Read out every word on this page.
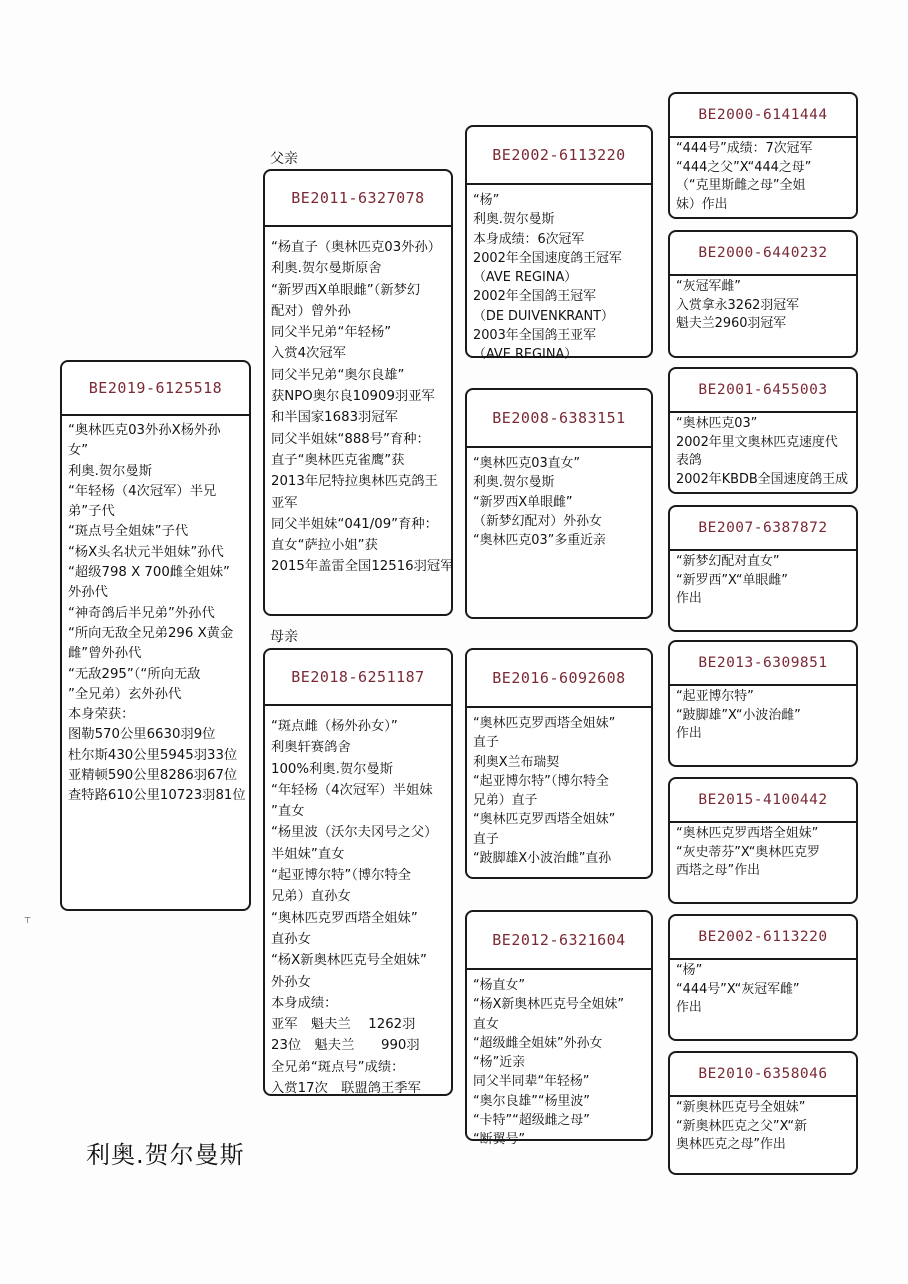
父亲
母亲
BE2019-6125518
“奥林匹克03外孙X杨外孙
女”
利奥.贺尔曼斯
“年轻杨（4次冠军）半兄
弟”子代
“斑点号全姐妹”子代
“杨X头名状元半姐妹”孙代
“超级798 X 700雌全姐妹”
外孙代
“神奇鸽后半兄弟”外孙代
“所向无敌全兄弟296 X黄金
雌”曾外孙代
“无敌295”（“所向无敌
”全兄弟）玄外孙代
本身荣获：
图勒570公里6630羽9位
杜尔斯430公里5945羽33位
亚精顿590公里8286羽67位
查特路610公里10723羽81位
BE2011-6327078
“杨直子（奥林匹克03外孙）
利奥.贺尔曼斯原舍
“新罗西X单眼雌”（新梦幻
配对）曾外孙
同父半兄弟“年轻杨”
入赏4次冠军
同父半兄弟“奥尔良雄”
获NPO奥尔良10909羽亚军
和半国家1683羽冠军
同父半姐妹“888号”育种：
直子“奥林匹克雀鹰”获
2013年尼特拉奥林匹克鸽王
亚军
同父半姐妹“041/09”育种：
直女“萨拉小姐”获
2015年盖雷全国12516羽冠军
BE2018-6251187
“斑点雌（杨外孙女）”
利奥轩赛鸽舍
100%利奥.贺尔曼斯
“年轻杨（4次冠军）半姐妹
”直女
“杨里波（沃尔夫冈号之父）
半姐妹”直女
“起亚博尔特”（博尔特全
兄弟）直孙女
“奥林匹克罗西塔全姐妹”
直孙女
“杨X新奥林匹克号全姐妹”
外孙女
本身成绩：
亚军　魁夫兰　 1262羽
23位　魁夫兰　　990羽
全兄弟“斑点号”成绩：
入赏17次　联盟鸽王季军
BE2002-6113220
“杨”
利奥.贺尔曼斯
本身成绩：6次冠军
2002年全国速度鸽王冠军
（AVE REGINA）
2002年全国鸽王冠军
（DE DUIVENKRANT）
2003年全国鸽王亚军
（AVE REGINA）
BE2008-6383151
“奥林匹克03直女”
利奥.贺尔曼斯
“新罗西X单眼雌”
（新梦幻配对）外孙女
“奥林匹克03”多重近亲
BE2016-6092608
“奥林匹克罗西塔全姐妹”
直子
利奥X兰布瑞契
“起亚博尔特”（博尔特全
兄弟）直子
“奥林匹克罗西塔全姐妹”
直子
“跛脚雄X小波治雌”直孙
BE2012-6321604
“杨直女”
“杨X新奥林匹克号全姐妹”
直女
“超级雌全姐妹”外孙女
“杨”近亲
同父半同辈“年轻杨”
“奥尔良雄”“杨里波”
“卡特”“超级雌之母”
“断翼号”
BE2000-6141444
“444号”成绩：7次冠军
“444之父”X“444之母”
（“克里斯雌之母”全姐
妹）作出
BE2000-6440232
“灰冠军雌”
入赏拿永3262羽冠军
魁夫兰2960羽冠军
BE2001-6455003
“奥林匹克03”
2002年里文奥林匹克速度代
表鸽
2002年KBDB全国速度鸽王成
BE2007-6387872
“新梦幻配对直女”
“新罗西”X“单眼雌”
作出
BE2013-6309851
“起亚博尔特”
“跛脚雄”X“小波治雌”
作出
BE2015-4100442
“奥林匹克罗西塔全姐妹”
“灰史蒂芬”X“奥林匹克罗
西塔之母”作出
BE2002-6113220
“杨”
“444号”X“灰冠军雌”
作出
BE2010-6358046
“新奥林匹克号全姐妹”
“新奥林匹克之父”X“新
奥林匹克之母”作出
⸆
利奥.贺尔曼斯
